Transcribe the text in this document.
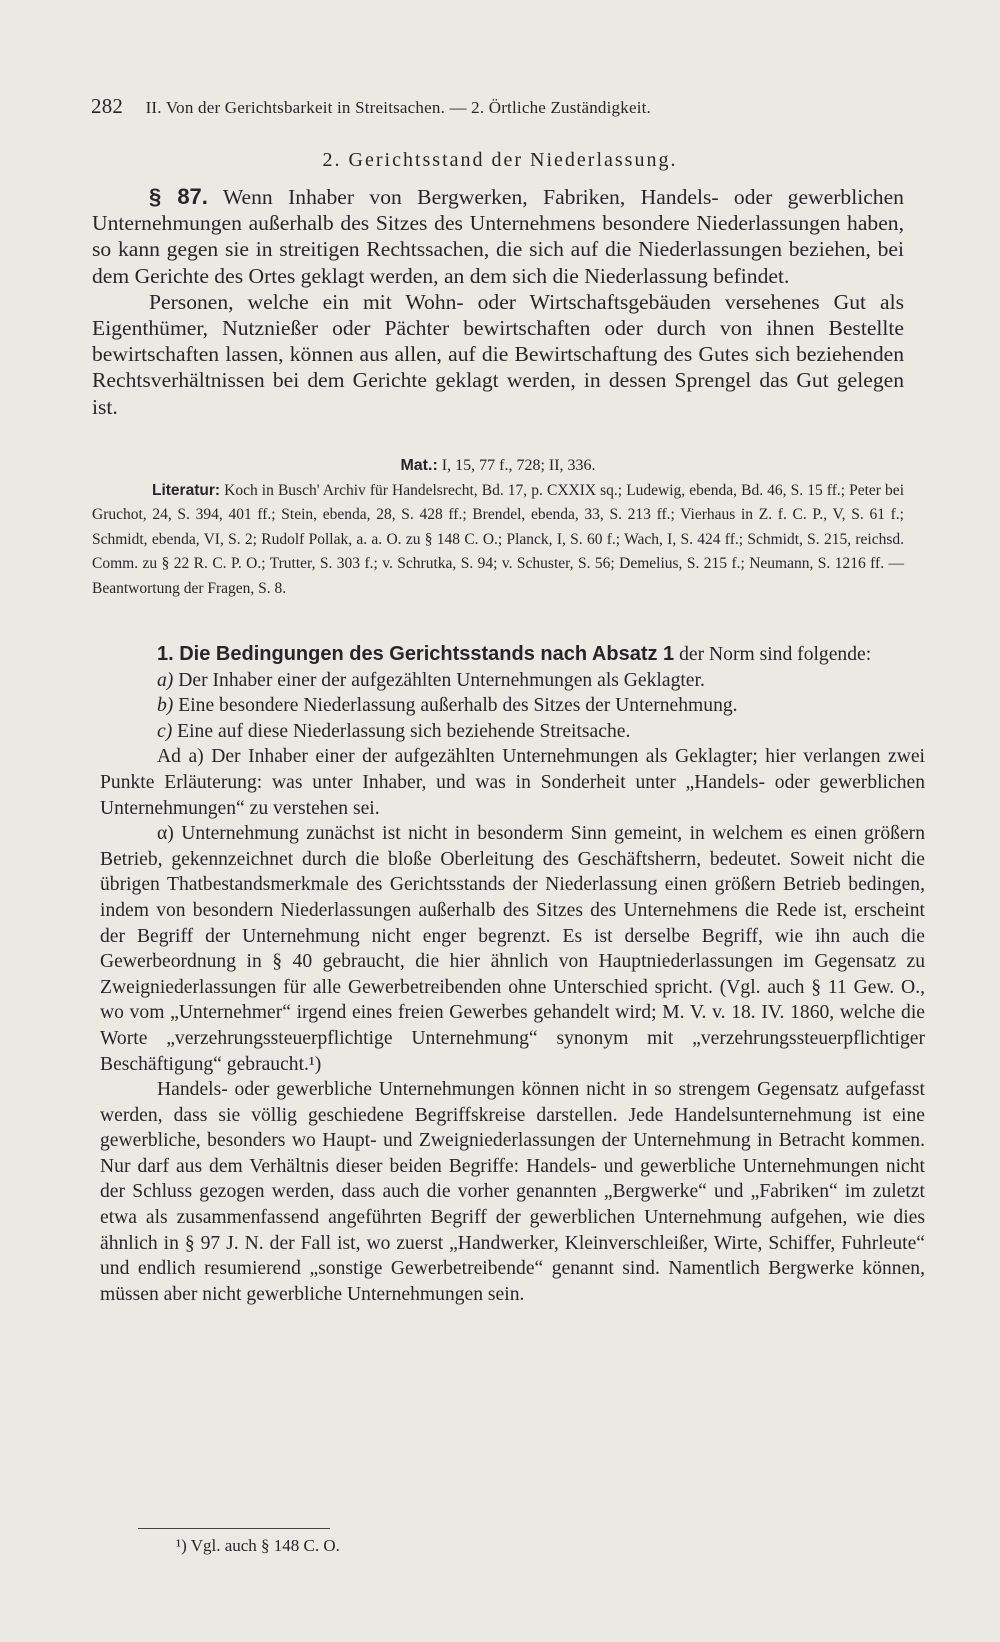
282 II. Von der Gerichtsbarkeit in Streitsachen. — 2. Örtliche Zuständigkeit.
2. Gerichtsstand der Niederlassung.

§ 87. Wenn Inhaber von Bergwerken, Fabriken, Handels- oder gewerblichen Unternehmungen außerhalb des Sitzes des Unternehmens besondere Niederlassungen haben, so kann gegen sie in streitigen Rechtssachen, die sich auf die Niederlassungen beziehen, bei dem Gerichte des Ortes geklagt werden, an dem sich die Niederlassung befindet.

Personen, welche ein mit Wohn- oder Wirtschaftsgebäuden versehenes Gut als Eigenthümer, Nutznießer oder Pächter bewirtschaften oder durch von ihnen Bestellte bewirtschaften lassen, können aus allen, auf die Bewirtschaftung des Gutes sich beziehenden Rechtsverhältnissen bei dem Gerichte geklagt werden, in dessen Sprengel das Gut gelegen ist.

Mat.: I, 15, 77 f., 728; II, 336.

Literatur: Koch in Busch' Archiv für Handelsrecht, Bd. 17, p. CXXIX sq.; Ludewig, ebenda, Bd. 46, S. 15 ff.; Peter bei Gruchot, 24, S. 394, 401 ff.; Stein, ebenda, 28, S. 428 ff.; Brendel, ebenda, 33, S. 213 ff.; Vierhaus in Z. f. C. P., V, S. 61 f.; Schmidt, ebenda, VI, S. 2; Rudolf Pollak, a. a. O. zu § 148 C. O.; Planck, I, S. 60 f.; Wach, I, S. 424 ff.; Schmidt, S. 215, reichsd. Comm. zu § 22 R. C. P. O.; Trutter, S. 303 f.; v. Schrutka, S. 94; v. Schuster, S. 56; Demelius, S. 215 f.; Neumann, S. 1216 ff. — Beantwortung der Fragen, S. 8.

1. Die Bedingungen des Gerichtsstands nach Absatz 1 der Norm sind folgende:

a) Der Inhaber einer der aufgezählten Unternehmungen als Geklagter.

b) Eine besondere Niederlassung außerhalb des Sitzes der Unternehmung.

c) Eine auf diese Niederlassung sich beziehende Streitsache.

Ad a) Der Inhaber einer der aufgezählten Unternehmungen als Geklagter; hier verlangen zwei Punkte Erläuterung: was unter Inhaber, und was in Sonderheit unter „Handels- oder gewerblichen Unternehmungen“ zu verstehen sei.

α) Unternehmung zunächst ist nicht in besonderm Sinn gemeint, in welchem es einen größern Betrieb, gekennzeichnet durch die bloße Oberleitung des Geschäftsherrn, bedeutet. Soweit nicht die übrigen Thatbestandsmerkmale des Gerichtsstands der Niederlassung einen größern Betrieb bedingen, indem von besondern Niederlassungen außerhalb des Sitzes des Unternehmens die Rede ist, erscheint der Begriff der Unternehmung nicht enger begrenzt. Es ist derselbe Begriff, wie ihn auch die Gewerbeordnung in § 40 gebraucht, die hier ähnlich von Hauptniederlassungen im Gegensatz zu Zweigniederlassungen für alle Gewerbetreibenden ohne Unterschied spricht. (Vgl. auch § 11 Gew. O., wo vom „Unternehmer“ irgend eines freien Gewerbes gehandelt wird; M. V. v. 18. IV. 1860, welche die Worte „verzehrungssteuerpflichtige Unternehmung“ synonym mit „verzehrungssteuerpflichtiger Beschäftigung“ gebraucht.¹)

Handels- oder gewerbliche Unternehmungen können nicht in so strengem Gegensatz aufgefasst werden, dass sie völlig geschiedene Begriffskreise darstellen. Jede Handelsunternehmung ist eine gewerbliche, besonders wo Haupt- und Zweigniederlassungen der Unternehmung in Betracht kommen. Nur darf aus dem Verhältnis dieser beiden Begriffe: Handels- und gewerbliche Unternehmungen nicht der Schluss gezogen werden, dass auch die vorher genannten „Bergwerke“ und „Fabriken“ im zuletzt etwa als zusammenfassend angeführten Begriff der gewerblichen Unternehmung aufgehen, wie dies ähnlich in § 97 J. N. der Fall ist, wo zuerst „Handwerker, Kleinverschleißer, Wirte, Schiffer, Fuhrleute“ und endlich resumierend „sonstige Gewerbetreibende“ genannt sind. Namentlich Bergwerke können, müssen aber nicht gewerbliche Unternehmungen sein.

¹) Vgl. auch § 148 C. O.
